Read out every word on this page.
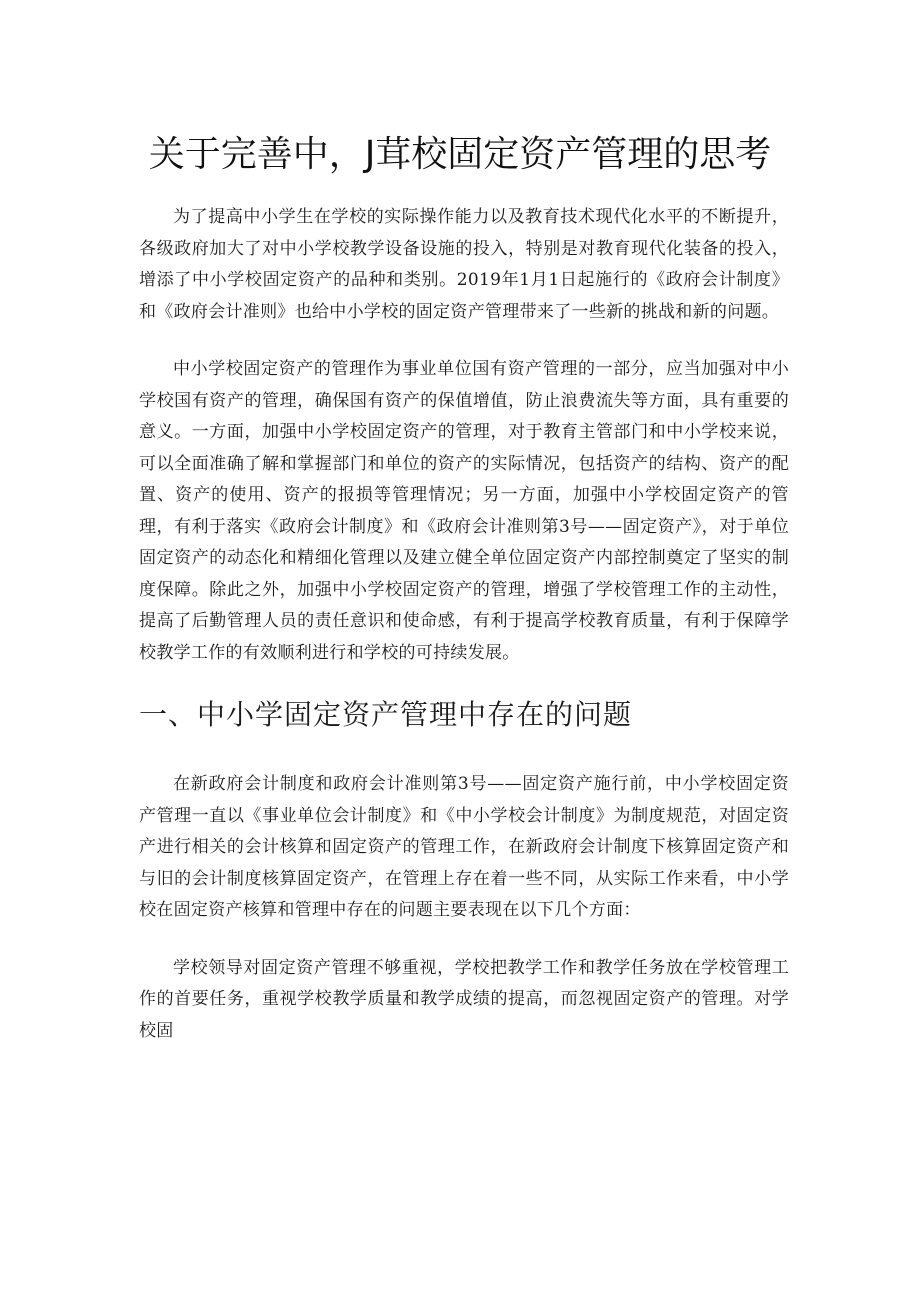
关于完善中，J茸校固定资产管理的思考

为了提高中小学生在学校的实际操作能力以及教育技术现代化水平的不断提升，各级政府加大了对中小学校教学设备设施的投入，特别是对教育现代化装备的投入，增添了中小学校固定资产的品种和类别。2019年1月1日起施行的《政府会计制度》和《政府会计准则》也给中小学校的固定资产管理带来了一些新的挑战和新的问题。

中小学校固定资产的管理作为事业单位国有资产管理的一部分，应当加强对中小学校国有资产的管理，确保国有资产的保值增值，防止浪费流失等方面，具有重要的意义。一方面，加强中小学校固定资产的管理，对于教育主管部门和中小学校来说，可以全面准确了解和掌握部门和单位的资产的实际情况，包括资产的结构、资产的配置、资产的使用、资产的报损等管理情况；另一方面，加强中小学校固定资产的管理，有利于落实《政府会计制度》和《政府会计准则第3号——固定资产》，对于单位固定资产的动态化和精细化管理以及建立健全单位固定资产内部控制奠定了坚实的制度保障。除此之外，加强中小学校固定资产的管理，增强了学校管理工作的主动性，提高了后勤管理人员的责任意识和使命感，有利于提高学校教育质量，有利于保障学校教学工作的有效顺利进行和学校的可持续发展。

一、中小学固定资产管理中存在的问题

在新政府会计制度和政府会计准则第3号——固定资产施行前，中小学校固定资产管理一直以《事业单位会计制度》和《中小学校会计制度》为制度规范，对固定资产进行相关的会计核算和固定资产的管理工作，在新政府会计制度下核算固定资产和与旧的会计制度核算固定资产，在管理上存在着一些不同，从实际工作来看，中小学校在固定资产核算和管理中存在的问题主要表现在以下几个方面：

学校领导对固定资产管理不够重视，学校把教学工作和教学任务放在学校管理工作的首要任务，重视学校教学质量和教学成绩的提高，而忽视固定资产的管理。对学校固
